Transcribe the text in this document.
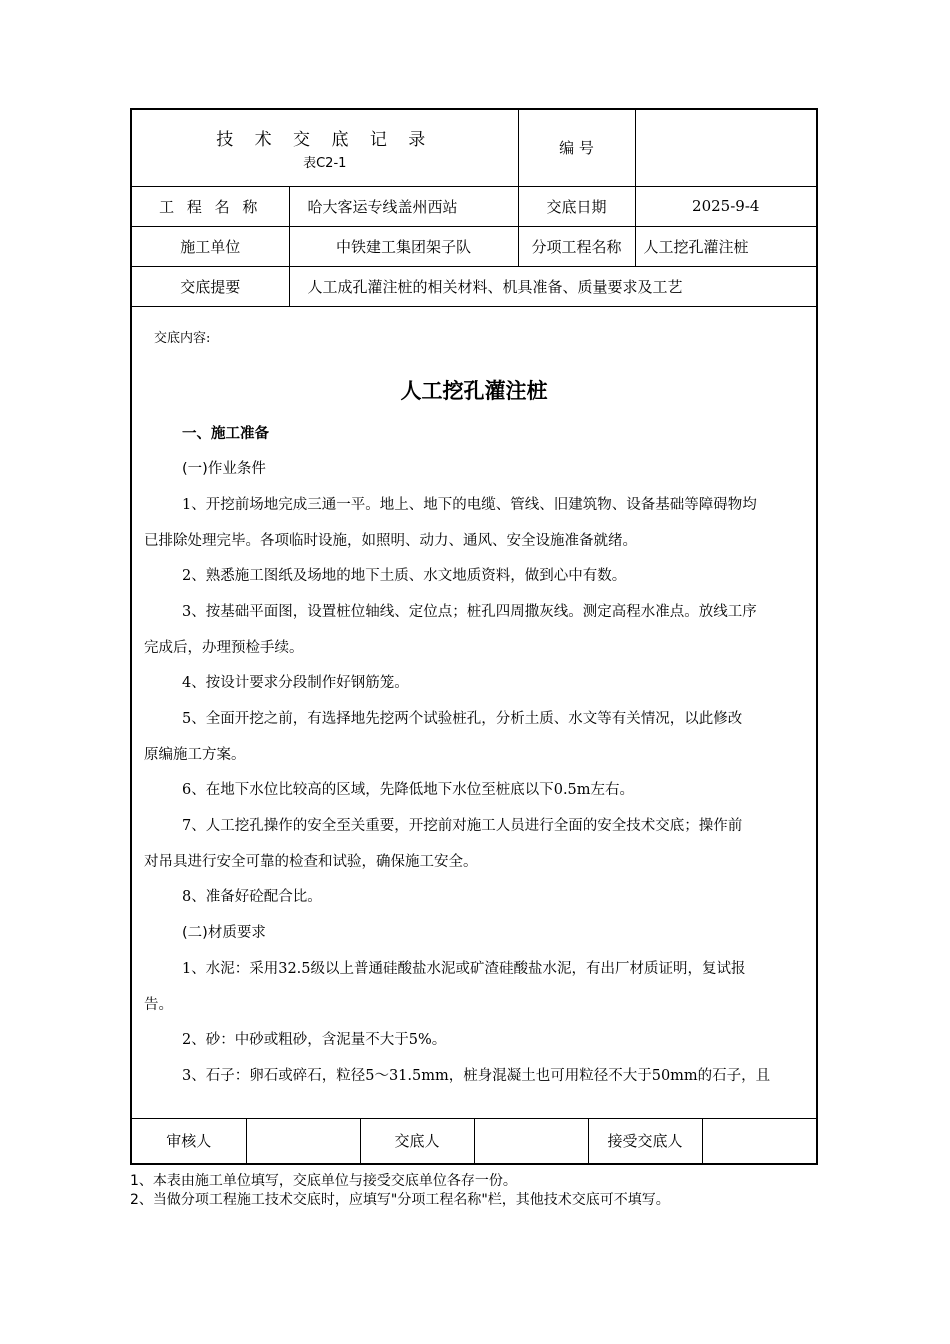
技 术 交 底 记 录
表C2-1		编 号	
工 程 名 称	哈大客运专线盖州西站	交底日期	2025-9-4
施工单位	中铁建工集团架子队	分项工程名称	人工挖孔灌注桩
交底提要	人工成孔灌注桩的相关材料、机具准备、质量要求及工艺		
交底内容:
人工挖孔灌注桩
一、施工准备
(一)作业条件
1、开挖前场地完成三通一平。地上、地下的电缆、管线、旧建筑物、设备基础等障碍物均
已排除处理完毕。各项临时设施，如照明、动力、通风、安全设施准备就绪。
2、熟悉施工图纸及场地的地下土质、水文地质资料，做到心中有数。
3、按基础平面图，设置桩位轴线、定位点；桩孔四周撒灰线。测定高程水准点。放线工序
完成后，办理预检手续。
4、按设计要求分段制作好钢筋笼。
5、全面开挖之前，有选择地先挖两个试验桩孔，分析土质、水文等有关情况，以此修改
原编施工方案。
6、在地下水位比较高的区域，先降低地下水位至桩底以下0.5m左右。
7、人工挖孔操作的安全至关重要，开挖前对施工人员进行全面的安全技术交底；操作前
对吊具进行安全可靠的检查和试验，确保施工安全。
8、准备好砼配合比。
(二)材质要求
1、水泥：采用32.5级以上普通硅酸盐水泥或矿渣硅酸盐水泥，有出厂材质证明，复试报
告。
2、砂：中砂或粗砂，含泥量不大于5%。
3、石子：卵石或碎石，粒径5～31.5mm，桩身混凝土也可用粒径不大于50mm的石子，且
审核人		交底人		接受交底人	
1、本表由施工单位填写，交底单位与接受交底单位各存一份。
2、当做分项工程施工技术交底时，应填写"分项工程名称"栏，其他技术交底可不填写。
